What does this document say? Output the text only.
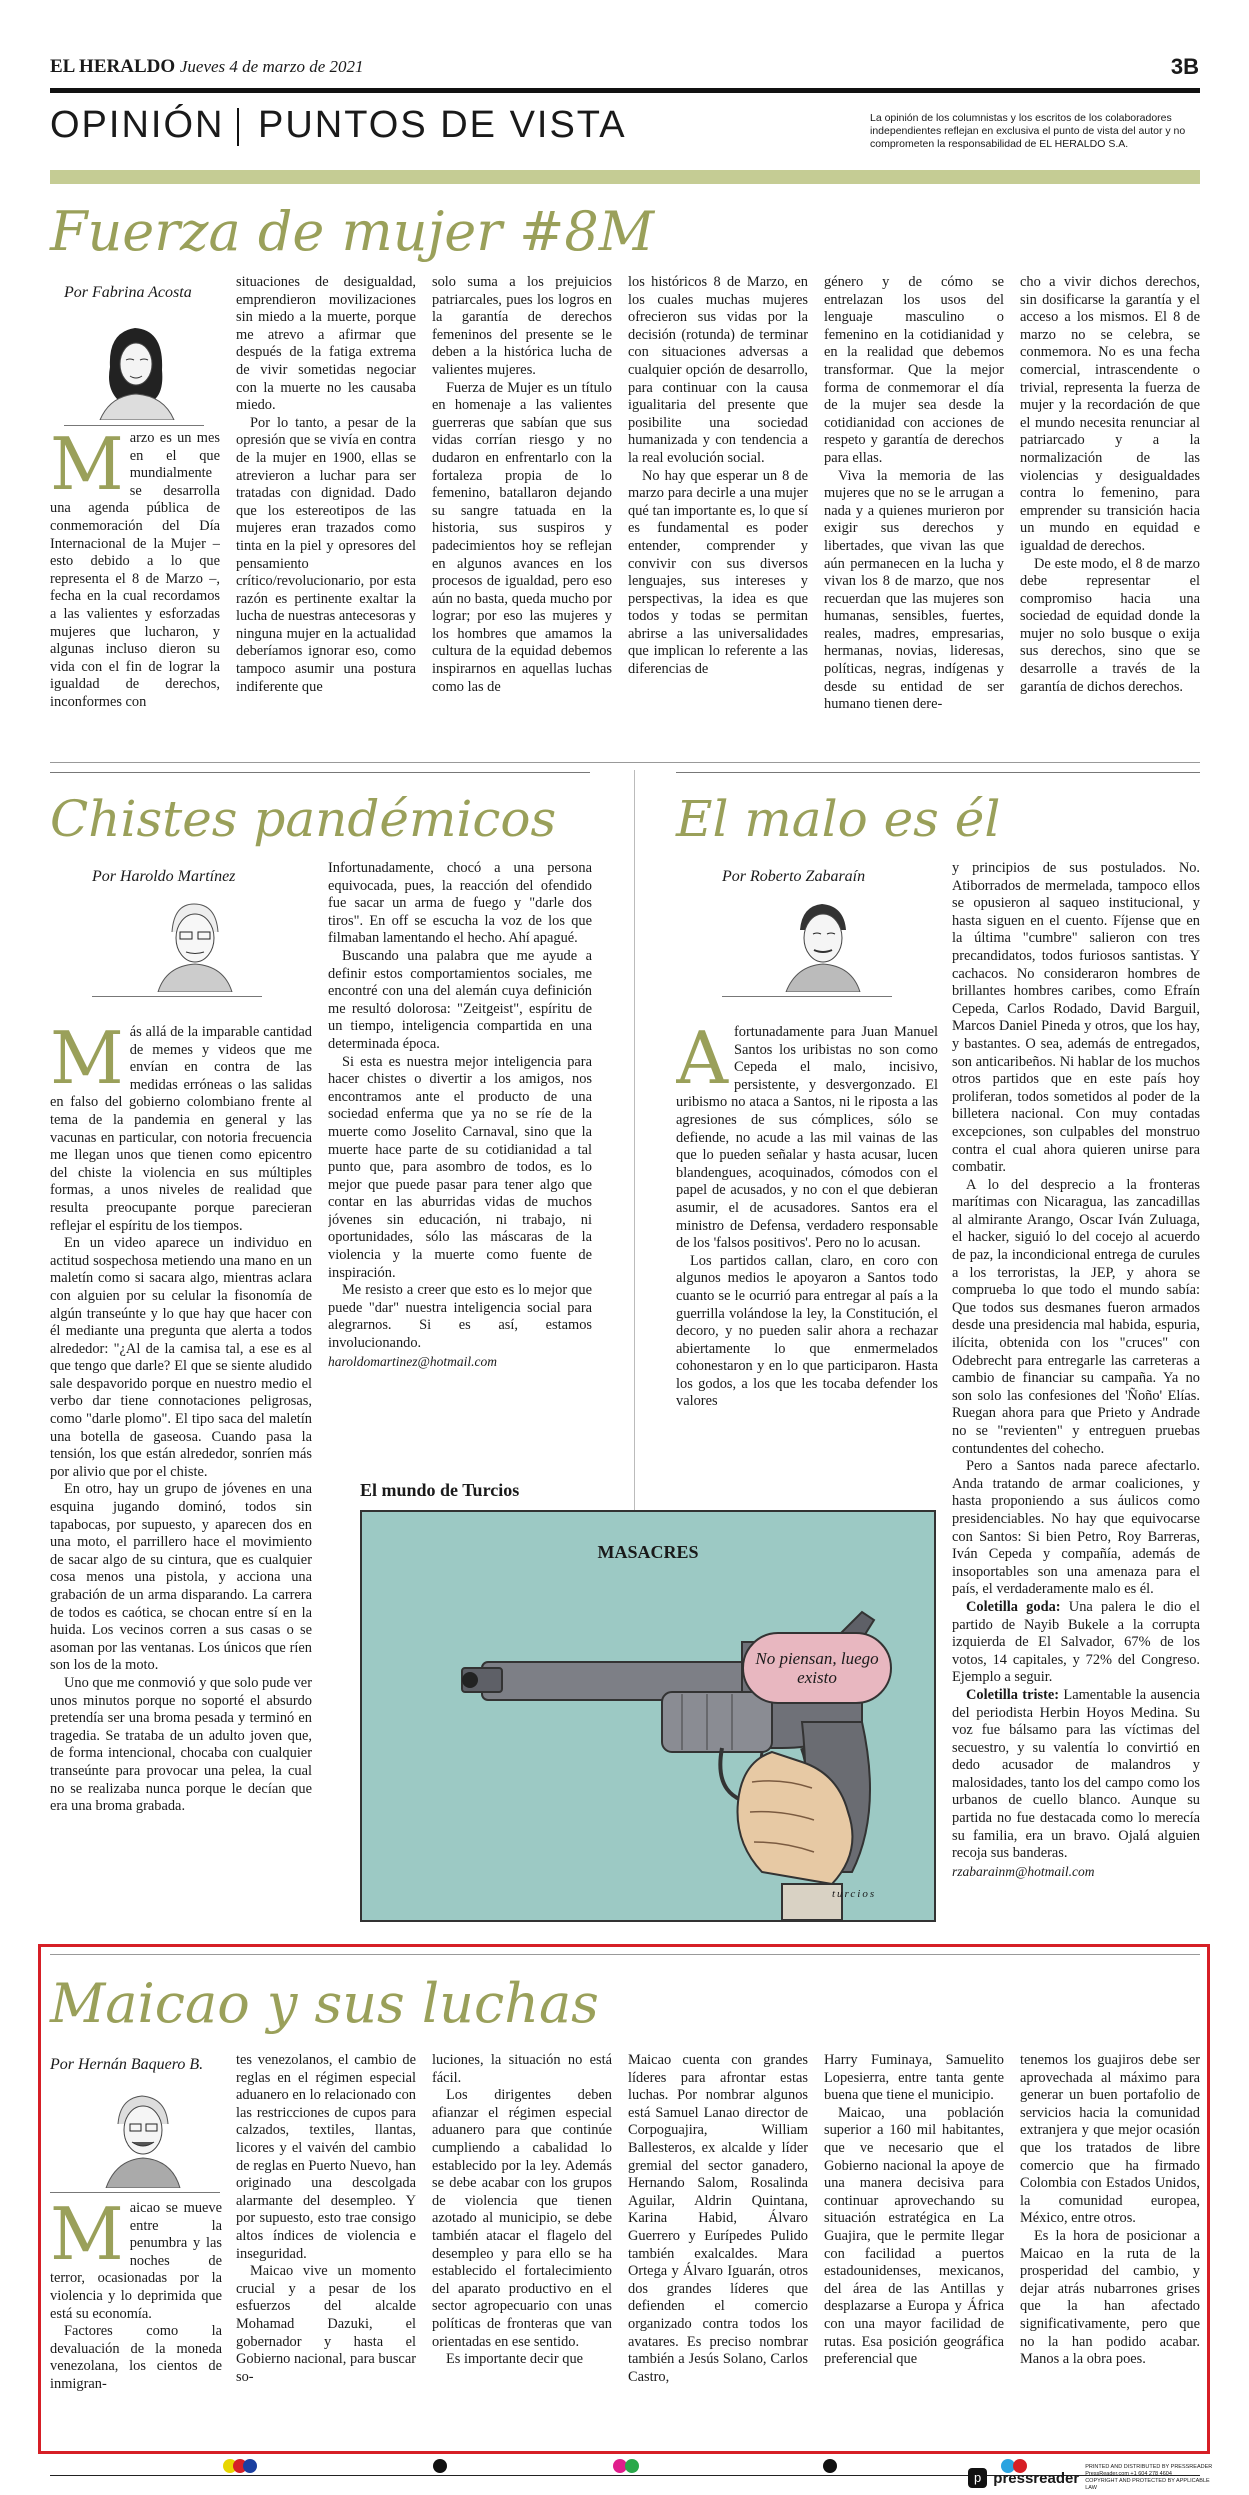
EL HERALDO Jueves 4 de marzo de 2021	3B
OPINIÓN PUNTOS DE VISTA	La opinión de los columnistas y los escritos de los colaboradores independientes reflejan en exclusiva el punto de vista del autor y no comprometen la responsabilidad de EL HERALDO S.A.
Fuerza de mujer #8M
Por Fabrina Acosta
M arzo es un mes en el que mundialmente se desarrolla una agenda pública de conmemoración del Día Internacional de la Mujer – esto debido a lo que representa el 8 de Marzo –, fecha en la cual recordamos a las valientes y esforzadas mujeres que lucharon, y algunas incluso dieron su vida con el fin de lograr la igualdad de derechos, inconformes con

situaciones de desigualdad, emprendieron movilizaciones sin miedo a la muerte, porque me atrevo a afirmar que después de la fatiga extrema de vivir sometidas negociar con la muerte no les causaba miedo.

Por lo tanto, a pesar de la opresión que se vivía en contra de la mujer en 1900, ellas se atrevieron a luchar para ser tratadas con dignidad. Dado que los estereotipos de las mujeres eran trazados como tinta en la piel y opresores del pensamiento crítico/revolucionario, por esta razón es pertinente exaltar la lucha de nuestras antecesoras y ninguna mujer en la actualidad deberíamos ignorar eso, como tampoco asumir una postura indiferente que

solo suma a los prejuicios patriarcales, pues los logros en la garantía de derechos femeninos del presente se le deben a la histórica lucha de valientes mujeres.

Fuerza de Mujer es un título en homenaje a las valientes guerreras que sabían que sus vidas corrían riesgo y no dudaron en enfrentarlo con la fortaleza propia de lo femenino, batallaron dejando su sangre tatuada en la historia, sus suspiros y padecimientos hoy se reflejan en algunos avances en los procesos de igualdad, pero eso aún no basta, queda mucho por lograr; por eso las mujeres y los hombres que amamos la cultura de la equidad debemos inspirarnos en aquellas luchas como las de

los históricos 8 de Marzo, en los cuales muchas mujeres ofrecieron sus vidas por la decisión (rotunda) de terminar con situaciones adversas a cualquier opción de desarrollo, para continuar con la causa igualitaria del presente que posibilite una sociedad humanizada y con tendencia a la real evolución social.

No hay que esperar un 8 de marzo para decirle a una mujer qué tan importante es, lo que sí es fundamental es poder entender, comprender y convivir con sus diversos lenguajes, sus intereses y perspectivas, la idea es que todos y todas se permitan abrirse a las universalidades que implican lo referente a las diferencias de

género y de cómo se entrelazan los usos del lenguaje masculino o femenino en la cotidianidad y en la realidad que debemos transformar. Que la mejor forma de conmemorar el día de la mujer sea desde la cotidianidad con acciones de respeto y garantía de derechos para ellas.

Viva la memoria de las mujeres que no se le arrugan a nada y a quienes murieron por exigir sus derechos y libertades, que vivan las que aún permanecen en la lucha y vivan los 8 de marzo, que nos recuerdan que las mujeres son humanas, sensibles, fuertes, reales, madres, empresarias, hermanas, novias, lideresas, políticas, negras, indígenas y desde su entidad de ser humano tienen dere-

cho a vivir dichos derechos, sin dosificarse la garantía y el acceso a los mismos. El 8 de marzo no se celebra, se conmemora. No es una fecha comercial, intrascendente o trivial, representa la fuerza de mujer y la recordación de que el mundo necesita renunciar al patriarcado y a la normalización de las violencias y desigualdades contra lo femenino, para emprender su transición hacia un mundo en equidad e igualdad de derechos.

De este modo, el 8 de marzo debe representar el compromiso hacia una sociedad de equidad donde la mujer no solo busque o exija sus derechos, sino que se desarrolle a través de la garantía de dichos derechos.

Chistes pandémicos
Por Haroldo Martínez
M ás allá de la imparable cantidad de memes y videos que me envían en contra de las medidas erróneas o las salidas en falso del gobierno colombiano frente al tema de la pandemia en general y las vacunas en particular, con notoria frecuencia me llegan unos que tienen como epicentro del chiste la violencia en sus múltiples formas, a unos niveles de realidad que resulta preocupante porque parecieran reflejar el espíritu de los tiempos.

En un video aparece un individuo en actitud sospechosa metiendo una mano en un maletín como si sacara algo, mientras aclara con alguien por su celular la fisonomía de algún transeúnte y lo que hay que hacer con él mediante una pregunta que alerta a todos alrededor: "¿Al de la camisa tal, a ese es al que tengo que darle? El que se siente aludido sale despavorido porque en nuestro medio el verbo dar tiene connotaciones peligrosas, como "darle plomo". El tipo saca del maletín una botella de gaseosa. Cuando pasa la tensión, los que están alrededor, sonríen más por alivio que por el chiste.

En otro, hay un grupo de jóvenes en una esquina jugando dominó, todos sin tapabocas, por supuesto, y aparecen dos en una moto, el parrillero hace el movimiento de sacar algo de su cintura, que es cualquier cosa menos una pistola, y acciona una grabación de un arma disparando. La carrera de todos es caótica, se chocan entre sí en la huida. Los vecinos corren a sus casas o se asoman por las ventanas. Los únicos que ríen son los de la moto.

Uno que me conmovió y que solo pude ver unos minutos porque no soporté el absurdo pretendía ser una broma pesada y terminó en tragedia. Se trataba de un adulto joven que, de forma intencional, chocaba con cualquier transeúnte para provocar una pelea, la cual no se realizaba nunca porque le decían que era una broma grabada.

Infortunadamente, chocó a una persona equivocada, pues, la reacción del ofendido fue sacar un arma de fuego y "darle dos tiros". En off se escucha la voz de los que filmaban lamentando el hecho. Ahí apagué.

Buscando una palabra que me ayude a definir estos comportamientos sociales, me encontré con una del alemán cuya definición me resultó dolorosa: "Zeitgeist", espíritu de un tiempo, inteligencia compartida en una determinada época.

Si esta es nuestra mejor inteligencia para hacer chistes o divertir a los amigos, nos encontramos ante el producto de una sociedad enferma que ya no se ríe de la muerte como Joselito Carnaval, sino que la muerte hace parte de su cotidianidad a tal punto que, para asombro de todos, es lo mejor que puede pasar para tener algo que contar en las aburridas vidas de muchos jóvenes sin educación, ni trabajo, ni oportunidades, sólo las máscaras de la violencia y la muerte como fuente de inspiración.

Me resisto a creer que esto es lo mejor que puede "dar" nuestra inteligencia social para alegrarnos. Si es así, estamos involucionando.

haroldomartinez@hotmail.com

El malo es él
Por Roberto Zabaraín
A fortunadamente para Juan Manuel Santos los uribistas no son como Cepeda el malo, incisivo, persistente, y desvergonzado. El uribismo no ataca a Santos, ni le riposta a las agresiones de sus cómplices, sólo se defiende, no acude a las mil vainas de las que lo pueden señalar y hasta acusar, lucen blandengues, acoquinados, cómodos con el papel de acusados, y no con el que debieran asumir, el de acusadores. Santos era el ministro de Defensa, verdadero responsable de los 'falsos positivos'. Pero no lo acusan.

Los partidos callan, claro, en coro con algunos medios le apoyaron a Santos todo cuanto se le ocurrió para entregar al país a la guerrilla volándose la ley, la Constitución, el decoro, y no pueden salir ahora a rechazar abiertamente lo que enmermelados cohonestaron y en lo que participaron. Hasta los godos, a los que les tocaba defender los valores

y principios de sus postulados. No. Atiborrados de mermelada, tampoco ellos se opusieron al saqueo institucional, y hasta siguen en el cuento. Fíjense que en la última "cumbre" salieron con tres precandidatos, todos furiosos santistas. Y cachacos. No consideraron hombres de brillantes hombres caribes, como Efraín Cepeda, Carlos Rodado, David Barguil, Marcos Daniel Pineda y otros, que los hay, y bastantes. O sea, además de entregados, son anticaribeños. Ni hablar de los muchos otros partidos que en este país hoy proliferan, todos sometidos al poder de la billetera nacional. Con muy contadas excepciones, son culpables del monstruo contra el cual ahora quieren unirse para combatir.

A lo del desprecio a la fronteras marítimas con Nicaragua, las zancadillas al almirante Arango, Oscar Iván Zuluaga, el hacker, siguió lo del cocejo al acuerdo de paz, la incondicional entrega de curules a los terroristas, la JEP, y ahora se comprueba lo que todo el mundo sabía: Que todos sus desmanes fueron armados desde una presidencia mal habida, espuria, ilícita, obtenida con los "cruces" con Odebrecht para entregarle las carreteras a cambio de financiar su campaña. Ya no son solo las confesiones del 'Ñoño' Elías. Ruegan ahora para que Prieto y Andrade no se "revienten" y entreguen pruebas contundentes del cohecho.

Pero a Santos nada parece afectarlo. Anda tratando de armar coaliciones, y hasta proponiendo a sus áulicos como presidenciables. No hay que equivocarse con Santos: Si bien Petro, Roy Barreras, Iván Cepeda y compañía, además de insoportables son una amenaza para el país, el verdaderamente malo es él.

Coletilla goda: Una palera le dio el partido de Nayib Bukele a la corrupta izquierda de El Salvador, 67% de los votos, 14 capitales, y 72% del Congreso. Ejemplo a seguir.

Coletilla triste: Lamentable la ausencia del periodista Herbin Hoyos Medina. Su voz fue bálsamo para las víctimas del secuestro, y su valentía lo convirtió en dedo acusador de malandros y malosidades, tanto los del campo como los urbanos de cuello blanco. Aunque su partida no fue destacada como lo merecía su familia, era un bravo. Ojalá alguien recoja sus banderas.

rzabarainm@hotmail.com

El mundo de Turcios
MASACRES
No piensan, luego existo
turcios
Maicao y sus luchas
Por Hernán Baquero B.
M aicao se mueve entre la penumbra y las noches de terror, ocasionadas por la violencia y lo deprimida que está su economía.

Factores como la devaluación de la moneda venezolana, los cientos de inmigran-

tes venezolanos, el cambio de reglas en el régimen especial aduanero en lo relacionado con las restricciones de cupos para calzados, textiles, llantas, licores y el vaivén del cambio de reglas en Puerto Nuevo, han originado una descolgada alarmante del desempleo. Y por supuesto, esto trae consigo altos índices de violencia e inseguridad.

Maicao vive un momento crucial y a pesar de los esfuerzos del alcalde Mohamad Dazuki, el gobernador y hasta el Gobierno nacional, para buscar so-

luciones, la situación no está fácil.

Los dirigentes deben afianzar el régimen especial aduanero para que continúe cumpliendo a cabalidad lo establecido por la ley. Además se debe acabar con los grupos de violencia que tienen azotado al municipio, se debe también atacar el flagelo del desempleo y para ello se ha establecido el fortalecimiento del aparato productivo en el sector agropecuario con unas políticas de fronteras que van orientadas en ese sentido.

Es importante decir que

Maicao cuenta con grandes líderes para afrontar estas luchas. Por nombrar algunos está Samuel Lanao director de Corpoguajira, William Ballesteros, ex alcalde y líder gremial del sector ganadero, Hernando Salom, Rosalinda Aguilar, Aldrin Quintana, Karina Habid, Álvaro Guerrero y Eurípedes Pulido también exalcaldes. Mara Ortega y Álvaro Iguarán, otros dos grandes líderes que defienden el comercio organizado contra todos los avatares. Es preciso nombrar también a Jesús Solano, Carlos Castro,

Harry Fuminaya, Samuelito Lopesierra, entre tanta gente buena que tiene el municipio.

Maicao, una población superior a 160 mil habitantes, que ve necesario que el Gobierno nacional la apoye de una manera decisiva para continuar aprovechando su situación estratégica en La Guajira, que le permite llegar con facilidad a puertos estadounidenses, mexicanos, del área de las Antillas y desplazarse a Europa y África con una mayor facilidad de rutas. Esa posición geográfica preferencial que

tenemos los guajiros debe ser aprovechada al máximo para generar un buen portafolio de servicios hacia la comunidad extranjera y que mejor ocasión que los tratados de libre comercio que ha firmado Colombia con Estados Unidos, la comunidad europea, México, entre otros.

Es la hora de posicionar a Maicao en la ruta de la prosperidad del cambio, y dejar atrás nubarrones grises que la han afectado significativamente, pero que no la han podido acabar. Manos a la obra poes.

p pressreader
PRINTED AND DISTRIBUTED BY PRESSREADER
PressReader.com +1 604 278 4604
COPYRIGHT AND PROTECTED BY APPLICABLE LAW
